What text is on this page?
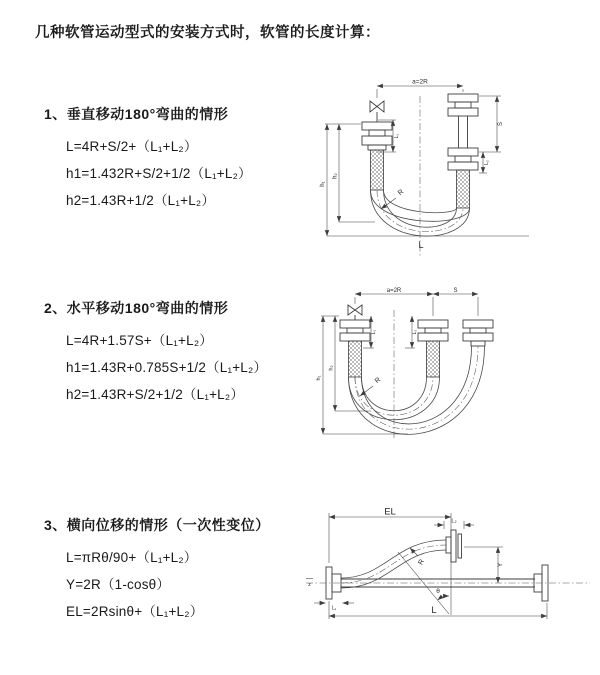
几种软管运动型式的安装方式时，软管的长度计算：
1、垂直移动180°弯曲的情形
L=4R+S/2+（L₁+L₂）
h1=1.432R+S/2+1/2（L₁+L₂）
h2=1.43R+1/2（L₁+L₂）
2、水平移动180°弯曲的情形
L=4R+1.57S+（L₁+L₂）
h1=1.43R+0.785S+1/2（L₁+L₂）
h2=1.43R+S/2+1/2（L₁+L₂）
3、横向位移的情形（一次性变位）
L=πRθ/90+（L₁+L₂）
Y=2R（1-cosθ）
EL=2Rsinθ+（L₁+L₂）
a=2R
h₁
h₂
L₁
S
L₂
R
L
a=2R	S
h₁
h₂
L₁	L₂
R
z
EL
L₂
Y
θ
R
L
L₁
